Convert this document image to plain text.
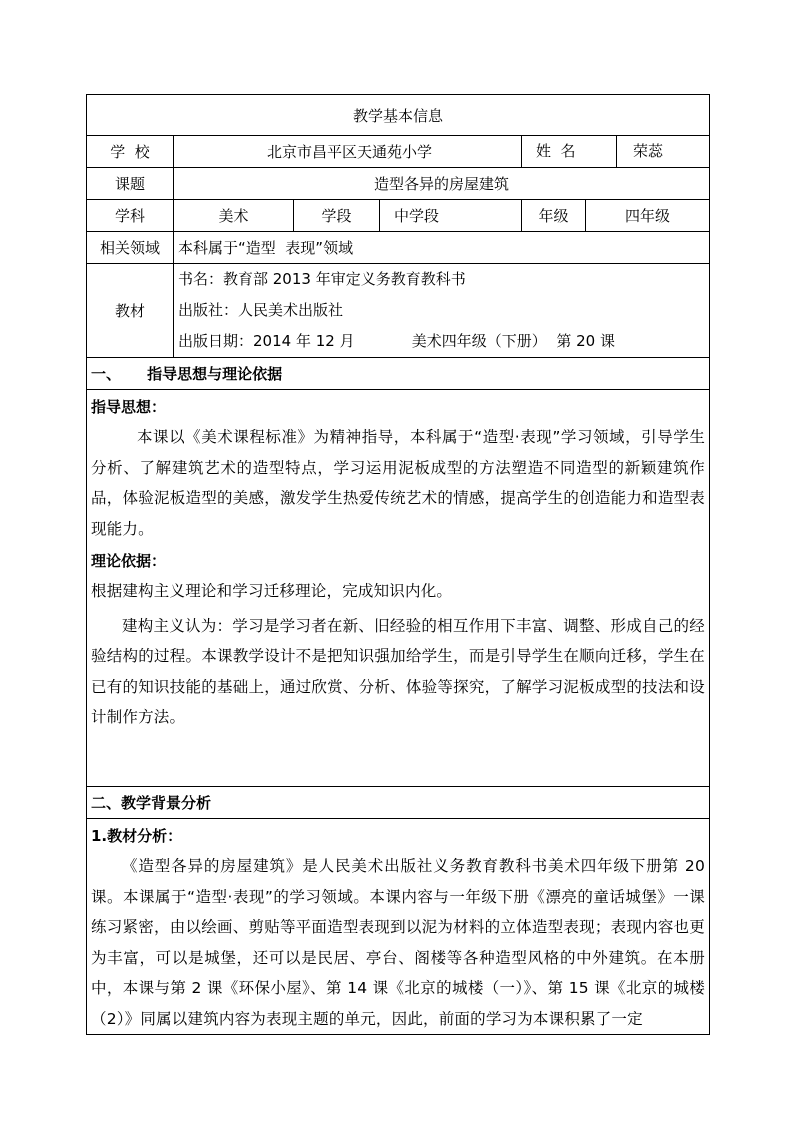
教学基本信息					
学  校	北京市昌平区天通苑小学			姓  名 荣蕊	

课题	造型各异的房屋建筑				
学科	美术	学段	中学段	年级	四年级
相关领域	本科属于“造型  表现”领域				
教材	书名：教育部 2013 年审定义务教育教科书
出版社：人民美术出版社
出版日期：2014 年 12 月            美术四年级（下册）  第 20 课				

一、     指导思想与理论依据					

指导思想：
本课以《美术课程标准》为精神指导，本科属于“造型·表现”学习领域，引导学生分析、了解建筑艺术的造型特点，学习运用泥板成型的方法塑造不同造型的新颖建筑作品，体验泥板造型的美感，激发学生热爱传统艺术的情感，提高学生的创造能力和造型表现能力。
理论依据：
根据建构主义理论和学习迁移理论，完成知识内化。
建构主义认为：学习是学习者在新、旧经验的相互作用下丰富、调整、形成自己的经验结构的过程。本课教学设计不是把知识强加给学生，而是引导学生在顺向迁移，学生在已有的知识技能的基础上，通过欣赏、分析、体验等探究，了解学习泥板成型的技法和设计制作方法。					

二、教学背景分析					

1.教材分析：
《造型各异的房屋建筑》是人民美术出版社义务教育教科书美术四年级下册第 20 课。本课属于“造型·表现”的学习领域。本课内容与一年级下册《漂亮的童话城堡》一课练习紧密，由以绘画、剪贴等平面造型表现到以泥为材料的立体造型表现；表现内容也更为丰富，可以是城堡，还可以是民居、亭台、阁楼等各种造型风格的中外建筑。在本册中，本课与第 2 课《环保小屋》、第 14 课《北京的城楼（一）》、第 15 课《北京的城楼（2）》同属以建筑内容为表现主题的单元，因此，前面的学习为本课积累了一定					
